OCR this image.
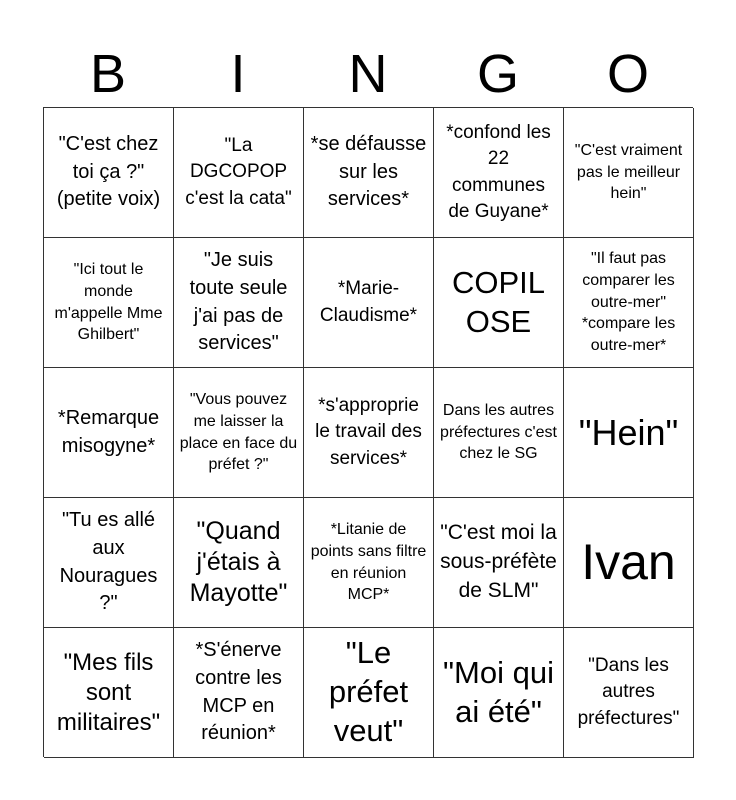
B	I	N	G	O
"C'est chez toi ça ?" (petite voix)
"La DGCOPOP c'est la cata"
*se défausse sur les services*
*confond les 22 communes de Guyane*
"C'est vraiment pas le meilleur hein"
"Ici tout le monde m'appelle Mme Ghilbert"
"Je suis toute seule j'ai pas de services"
*Marie-Claudisme*
COPIL OSE
"Il faut pas comparer les outre-mer" *compare les outre-mer*
*Remarque misogyne*
"Vous pouvez me laisser la place en face du préfet ?"
*s'approprie le travail des services*
Dans les autres préfectures c'est chez le SG
"Hein"
"Tu es allé aux Nouragues ?"
"Quand j'étais à Mayotte"
*Litanie de points sans filtre en réunion MCP*
"C'est moi la sous-préfète de SLM"
Ivan
"Mes fils sont militaires"
*S'énerve contre les MCP en réunion*
"Le préfet veut"
"Moi qui ai été"
"Dans les autres préfectures"
